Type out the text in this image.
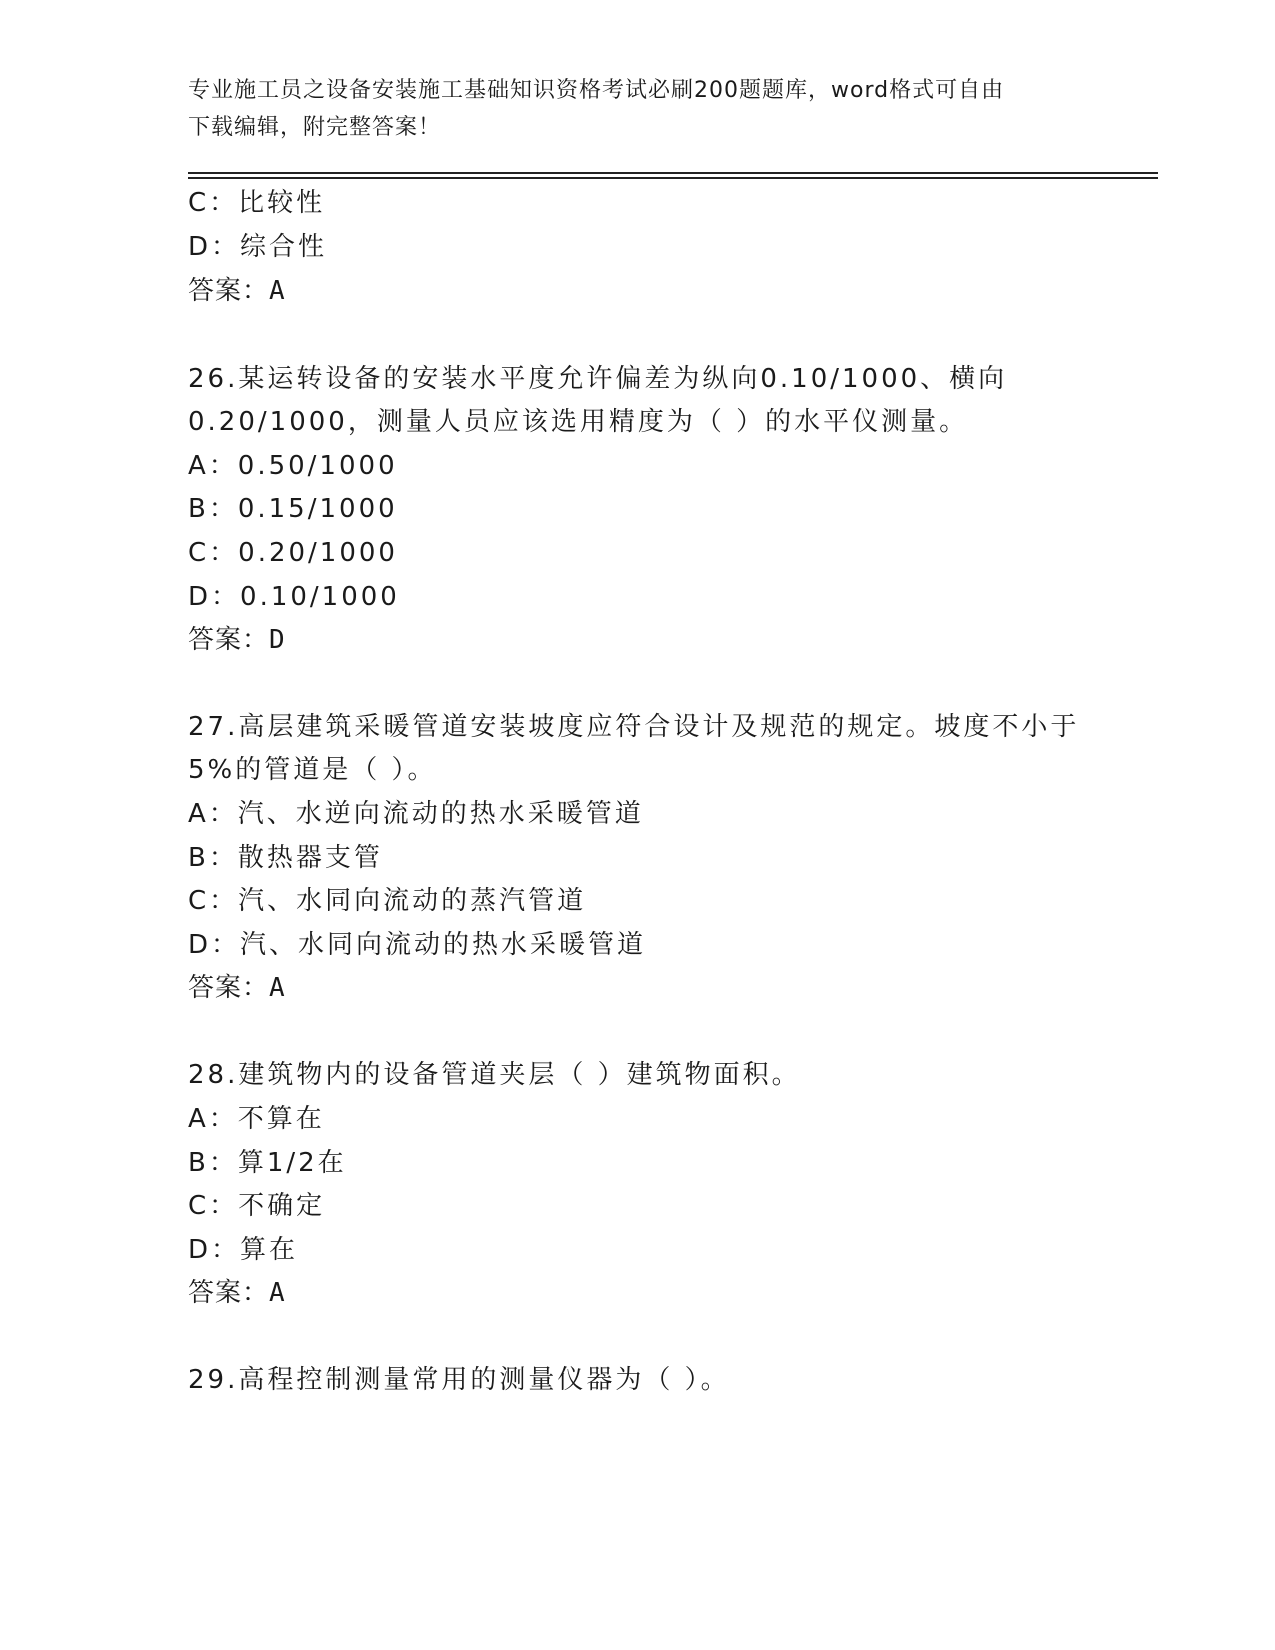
专业施工员之设备安装施工基础知识资格考试必刷200题题库，word格式可自由
下载编辑，附完整答案！
C：比较性
D：综合性
答案：A
26.某运转设备的安装水平度允许偏差为纵向0.10/1000、横向
0.20/1000，测量人员应该选用精度为（ ）的水平仪测量。
A：0.50/1000
B：0.15/1000
C：0.20/1000
D：0.10/1000
答案：D
27.高层建筑采暖管道安装坡度应符合设计及规范的规定。坡度不小于
5%的管道是（ ）。
A：汽、水逆向流动的热水采暖管道
B：散热器支管
C：汽、水同向流动的蒸汽管道
D：汽、水同向流动的热水采暖管道
答案：A
28.建筑物内的设备管道夹层（ ）建筑物面积。
A：不算在
B：算1/2在
C：不确定
D：算在
答案：A
29.高程控制测量常用的测量仪器为（ ）。
